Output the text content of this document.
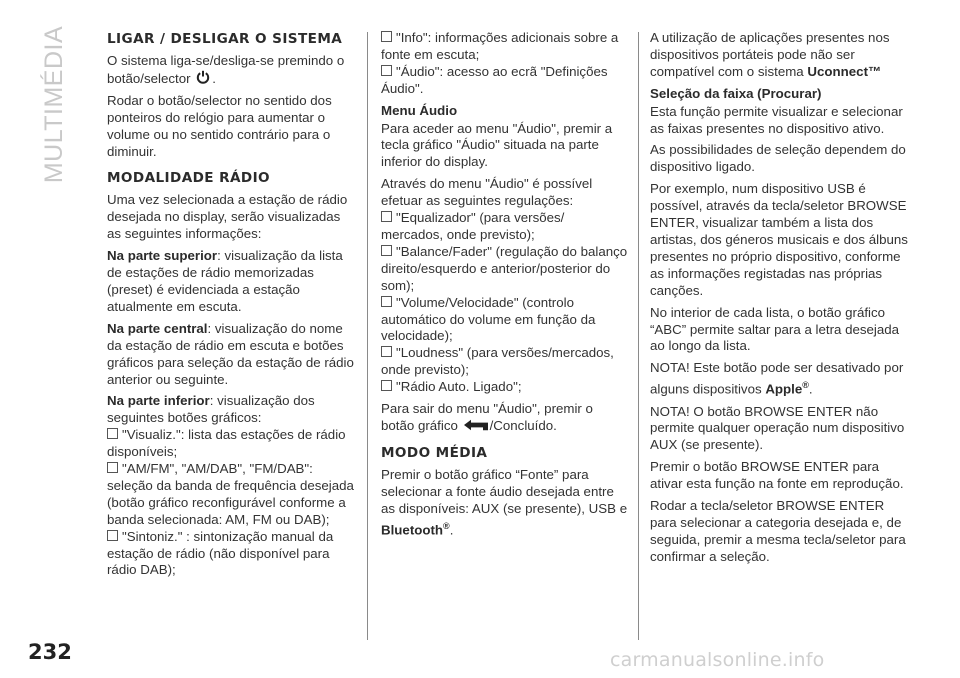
MULTIMÉDIA	LIGAR / DESLIGAR O SISTEMA

O sistema liga-se/desliga-se premindo o botão/selector .

Rodar o botão/selector no sentido dos ponteiros do relógio para aumentar o volume ou no sentido contrário para o diminuir.

MODALIDADE RÁDIO

Uma vez selecionada a estação de rádio desejada no display, serão visualizadas as seguintes informações:

Na parte superior: visualização da lista de estações de rádio memorizadas (preset) é evidenciada a estação atualmente em escuta.

Na parte central: visualização do nome da estação de rádio em escuta e botões gráficos para seleção da estação de rádio anterior ou seguinte.

Na parte inferior: visualização dos seguintes botões gráficos:

"Visualiz.": lista das estações de rádio disponíveis;

"AM/FM", "AM/DAB", "FM/DAB": seleção da banda de frequência desejada (botão gráfico reconfigurável conforme a banda selecionada: AM, FM ou DAB);

"Sintoniz." : sintonização manual da estação de rádio (não disponível para rádio DAB);

"Info": informações adicionais sobre a fonte em escuta;

"Áudio": acesso ao ecrã "Definições Áudio".

Menu Áudio

Para aceder ao menu "Áudio", premir a tecla gráfico "Áudio" situada na parte inferior do display.

Através do menu "Áudio" é possível efetuar as seguintes regulações:

"Equalizador" (para versões/ mercados, onde previsto);

"Balance/Fader" (regulação do balanço direito/esquerdo e anterior/posterior do som);

"Volume/Velocidade" (controlo automático do volume em função da velocidade);

"Loudness" (para versões/mercados, onde previsto);

"Rádio Auto. Ligado";

Para sair do menu "Áudio", premir o botão gráfico /Concluído.

MODO MÉDIA

Premir o botão gráfico “Fonte” para selecionar a fonte áudio desejada entre as disponíveis: AUX (se presente), USB e Bluetooth®.

A utilização de aplicações presentes nos dispositivos portáteis pode não ser compatível com o sistema Uconnect™

Seleção da faixa (Procurar)

Esta função permite visualizar e selecionar as faixas presentes no dispositivo ativo.

As possibilidades de seleção dependem do dispositivo ligado.

Por exemplo, num dispositivo USB é possível, através da tecla/seletor BROWSE ENTER, visualizar também a lista dos artistas, dos géneros musicais e dos álbuns presentes no próprio dispositivo, conforme as informações registadas nas próprias canções.

No interior de cada lista, o botão gráfico “ABC” permite saltar para a letra desejada ao longo da lista.

NOTA! Este botão pode ser desativado por alguns dispositivos Apple®.

NOTA! O botão BROWSE ENTER não permite qualquer operação num dispositivo AUX (se presente).

Premir o botão BROWSE ENTER para ativar esta função na fonte em reprodução.

Rodar a tecla/seletor BROWSE ENTER para selecionar a categoria desejada e, de seguida, premir a mesma tecla/seletor para confirmar a seleção.

232	carmanualsonline.info
